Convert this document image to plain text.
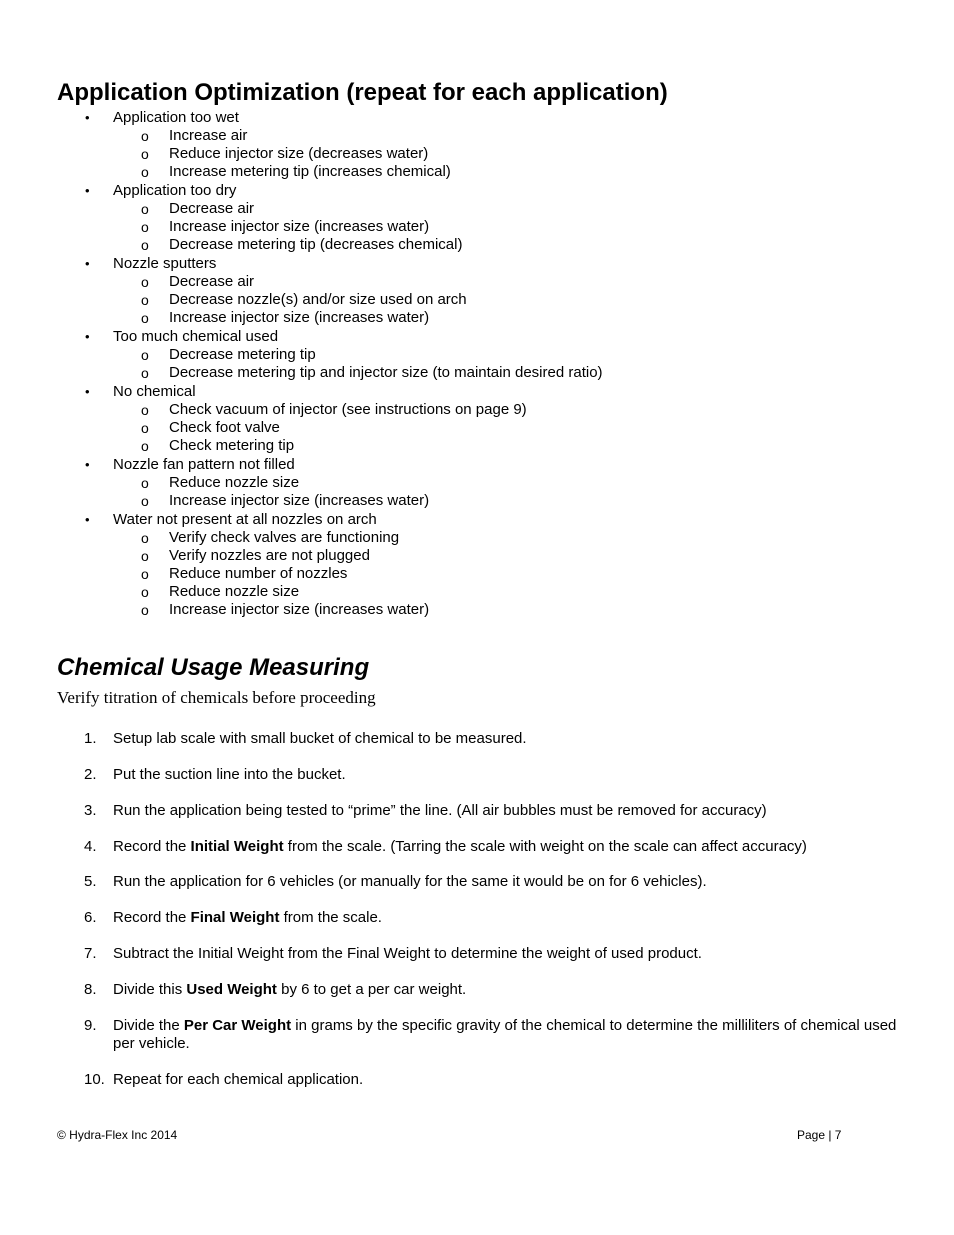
Application Optimization (repeat for each application)
• Application too wet
o Increase air
o Reduce injector size (decreases water)
o Increase metering tip (increases chemical)
• Application too dry
o Decrease air
o Increase injector size (increases water)
o Decrease metering tip (decreases chemical)
• Nozzle sputters
o Decrease air
o Decrease nozzle(s) and/or size used on arch
o Increase injector size (increases water)
• Too much chemical used
o Decrease metering tip
o Decrease metering tip and injector size (to maintain desired ratio)
• No chemical
o Check vacuum of injector (see instructions on page 9)
o Check foot valve
o Check metering tip
• Nozzle fan pattern not filled
o Reduce nozzle size
o Increase injector size (increases water)
• Water not present at all nozzles on arch
o Verify check valves are functioning
o Verify nozzles are not plugged
o Reduce number of nozzles
o Reduce nozzle size
o Increase injector size (increases water)
Chemical Usage Measuring

Verify titration of chemicals before proceeding

1. Setup lab scale with small bucket of chemical to be measured.
2. Put the suction line into the bucket.
3. Run the application being tested to “prime” the line. (All air bubbles must be removed for accuracy)
4. Record the Initial Weight from the scale. (Tarring the scale with weight on the scale can affect accuracy)
5. Run the application for 6 vehicles (or manually for the same it would be on for 6 vehicles).
6. Record the Final Weight from the scale.
7. Subtract the Initial Weight from the Final Weight to determine the weight of used product.
8. Divide this Used Weight by 6 to get a per car weight.
9. Divide the Per Car Weight in grams by the specific gravity of the chemical to determine the milliliters of chemical used per vehicle.
10. Repeat for each chemical application.
© Hydra-Flex Inc 2014	Page | 7
